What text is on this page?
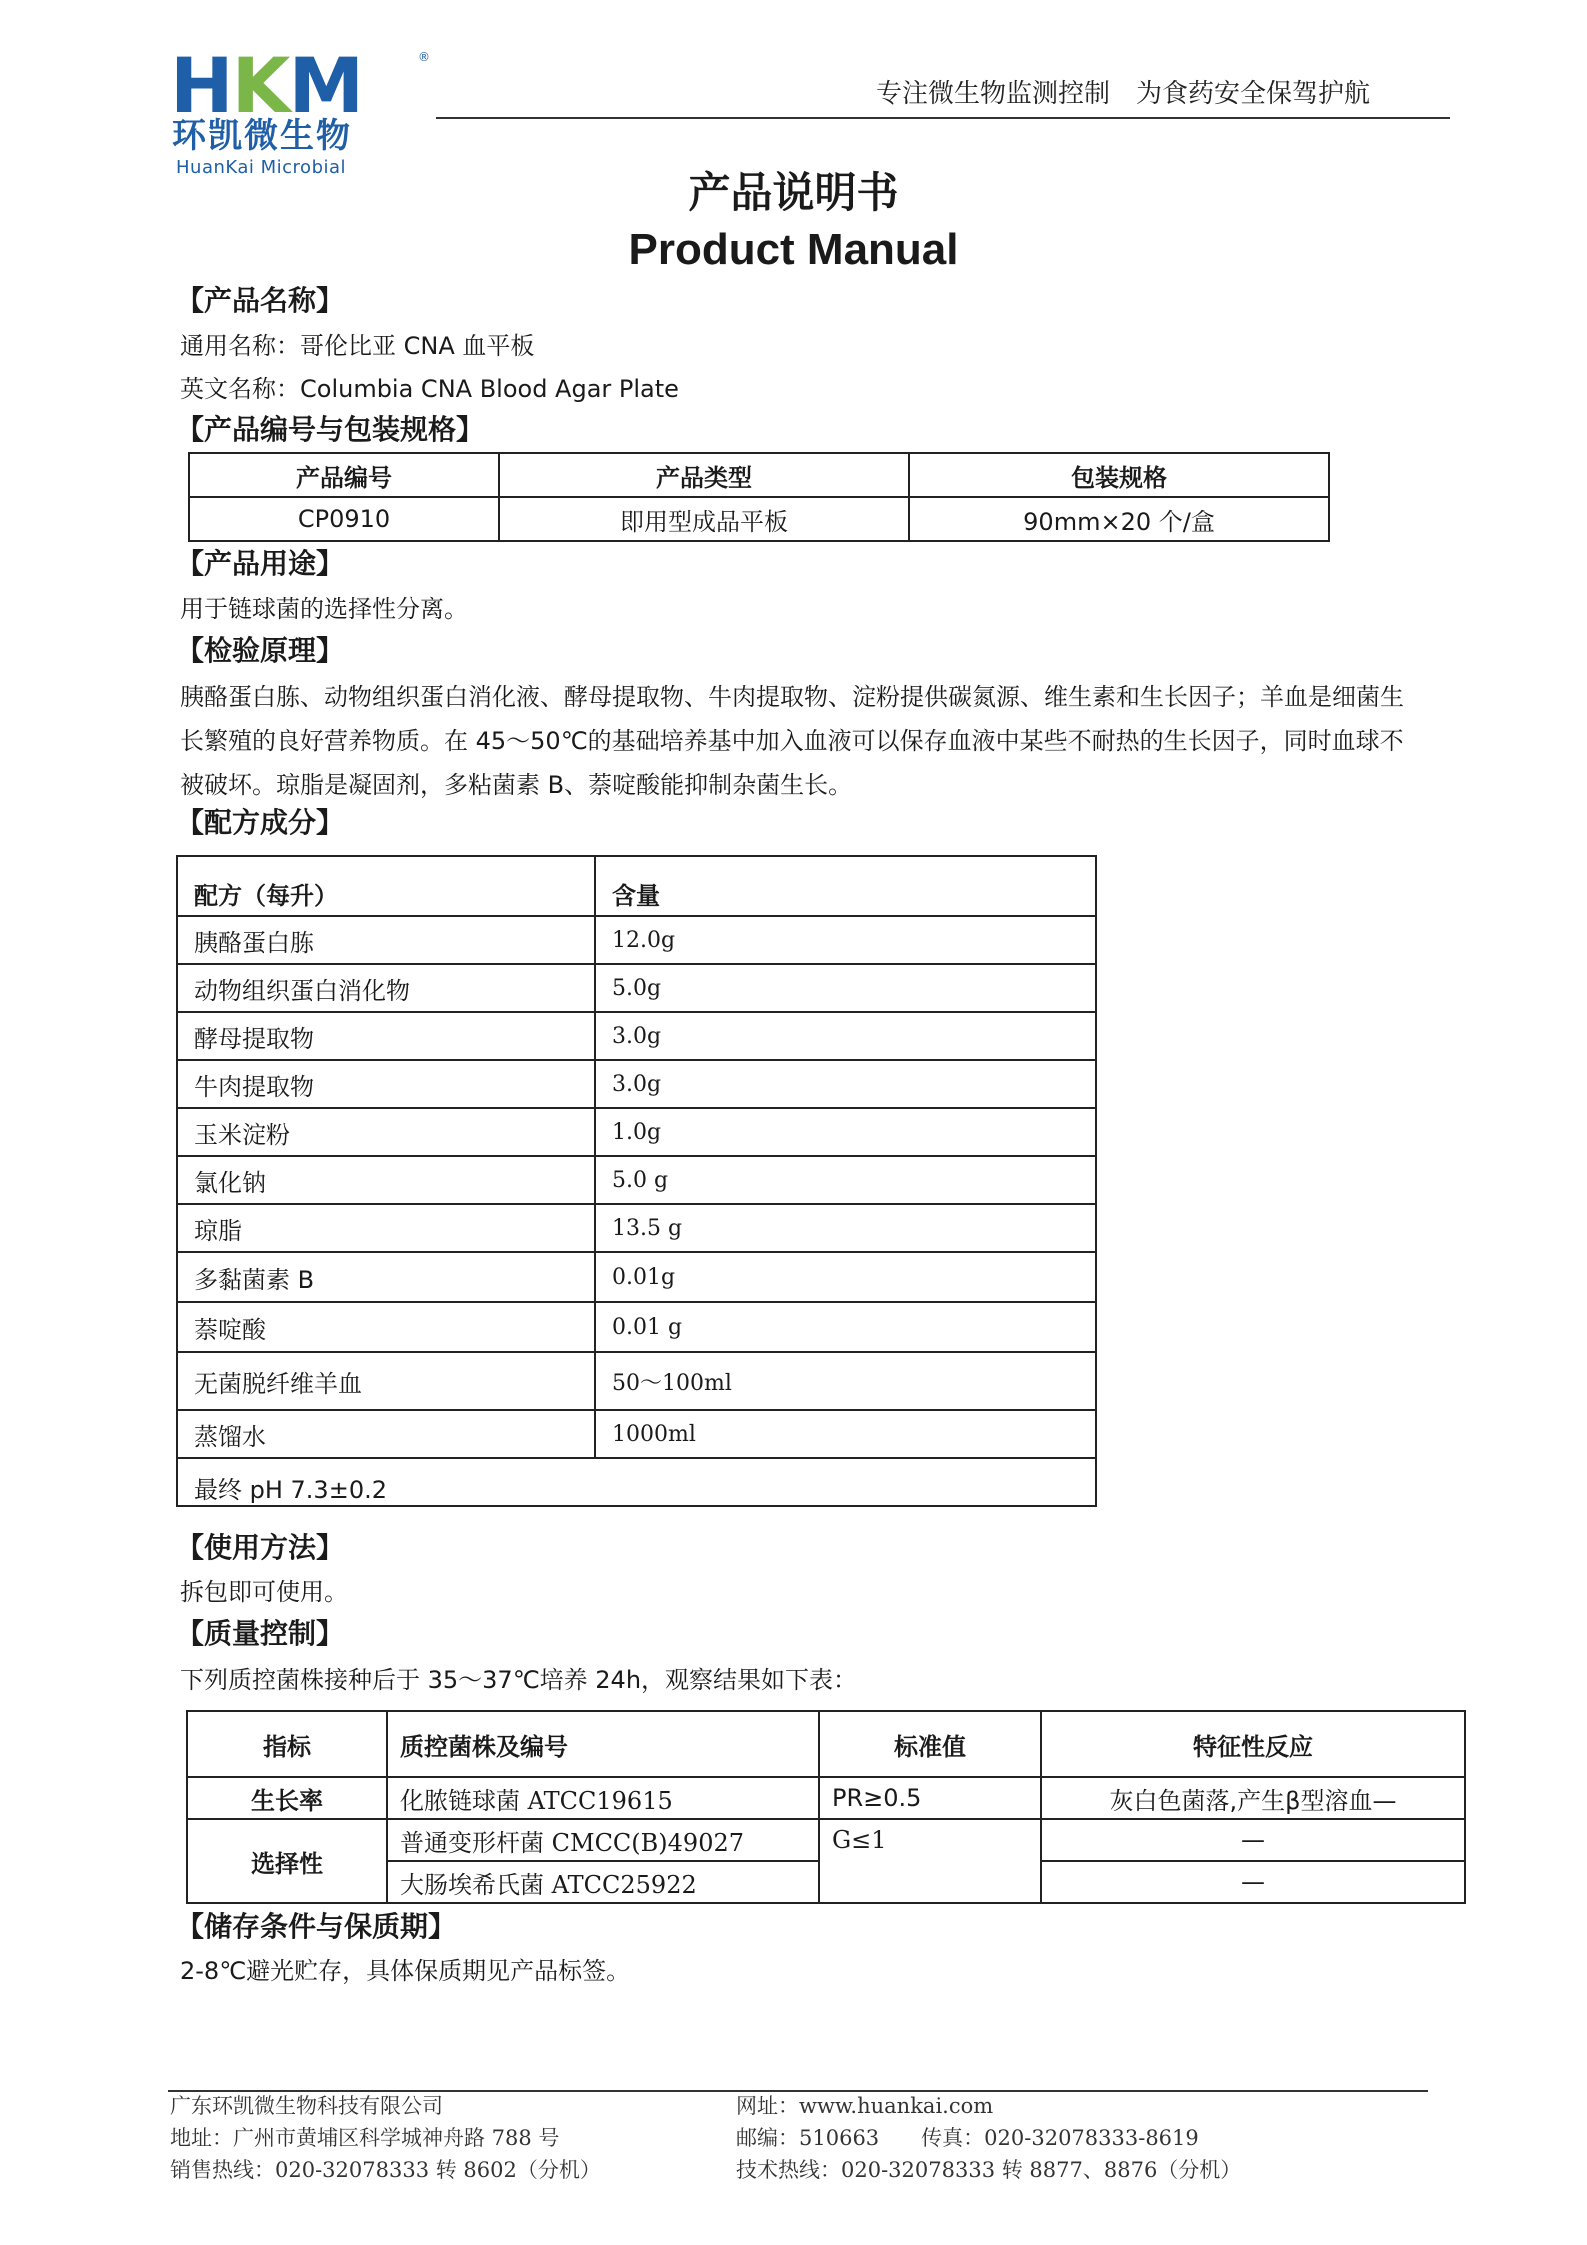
HKM	®
环凯微生物
HuanKai Microbial
专注微生物监测控制　为食药安全保驾护航
产品说明书
Product Manual
【产品名称】
通用名称：哥伦比亚 CNA 血平板
英文名称：Columbia CNA Blood Agar Plate
【产品编号与包装规格】
产品编号	产品类型	包装规格
CP0910	即用型成品平板	90mm×20 个/盒
【产品用途】
用于链球菌的选择性分离。
【检验原理】
胰酪蛋白胨、动物组织蛋白消化液、酵母提取物、牛肉提取物、淀粉提供碳氮源、维生素和生长因子；羊血是细菌生长繁殖的良好营养物质。在 45～50℃的基础培养基中加入血液可以保存血液中某些不耐热的生长因子，同时血球不被破坏。琼脂是凝固剂，多粘菌素 B、萘啶酸能抑制杂菌生长。
【配方成分】
配方（每升）	含量
胰酪蛋白胨	12.0g
动物组织蛋白消化物	5.0g
酵母提取物	3.0g
牛肉提取物	3.0g
玉米淀粉	1.0g
氯化钠	5.0 g
琼脂	13.5 g
多黏菌素 B	0.01g
萘啶酸	0.01 g
无菌脱纤维羊血	50～100ml
蒸馏水	1000ml
最终 pH 7.3±0.2	
【使用方法】
拆包即可使用。
【质量控制】
下列质控菌株接种后于 35～37℃培养 24h，观察结果如下表：
指标	质控菌株及编号	标准值	特征性反应
生长率	化脓链球菌 ATCC19615	PR≥0.5	灰白色菌落,产生β型溶血—
选择性	普通变形杆菌 CMCC(B)49027	G≤1	—
	大肠埃希氏菌 ATCC25922		—
【储存条件与保质期】
2-8℃避光贮存，具体保质期见产品标签。
广东环凯微生物科技有限公司
地址：广州市黄埔区科学城神舟路 788 号
销售热线：020-32078333 转 8602（分机）
网址：www.huankai.com
邮编：510663　　传真：020-32078333-8619
技术热线：020-32078333 转 8877、8876（分机）
